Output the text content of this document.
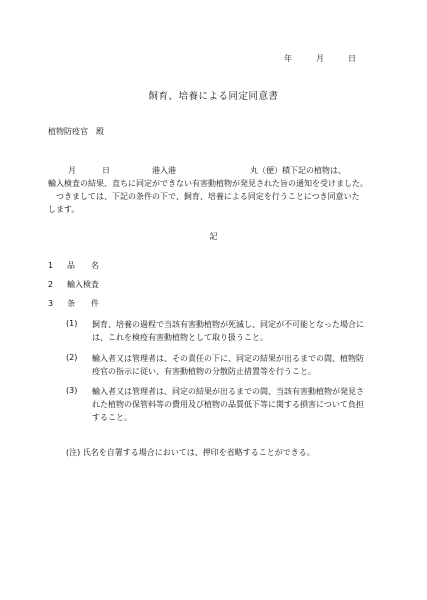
年	月	日
飼育、培養による同定同意書
植物防疫官　殿
月	日	港入港	丸（便）積下記の植物は、
輸入検査の結果、直ちに同定ができない有害動植物が発見された旨の通知を受けました。
つきましては、下記の条件の下で、飼育、培養による同定を行うことにつき同意いた
します。
記
1 品　　名
2 輸入検査
3 条　　件
(1) 飼育、培養の過程で当該有害動植物が死滅し、同定が不可能となった場合に
は、これを検疫有害動植物として取り扱うこと。
(2) 輸入者又は管理者は、その責任の下に、同定の結果が出るまでの間、植物防
疫官の指示に従い、有害動植物の分散防止措置等を行うこと。
(3) 輸入者又は管理者は、同定の結果が出るまでの間、当該有害動植物が発見さ
れた植物の保管料等の費用及び植物の品質低下等に関する損害について負担
すること。
(注) 氏名を自署する場合においては、押印を省略することができる。
